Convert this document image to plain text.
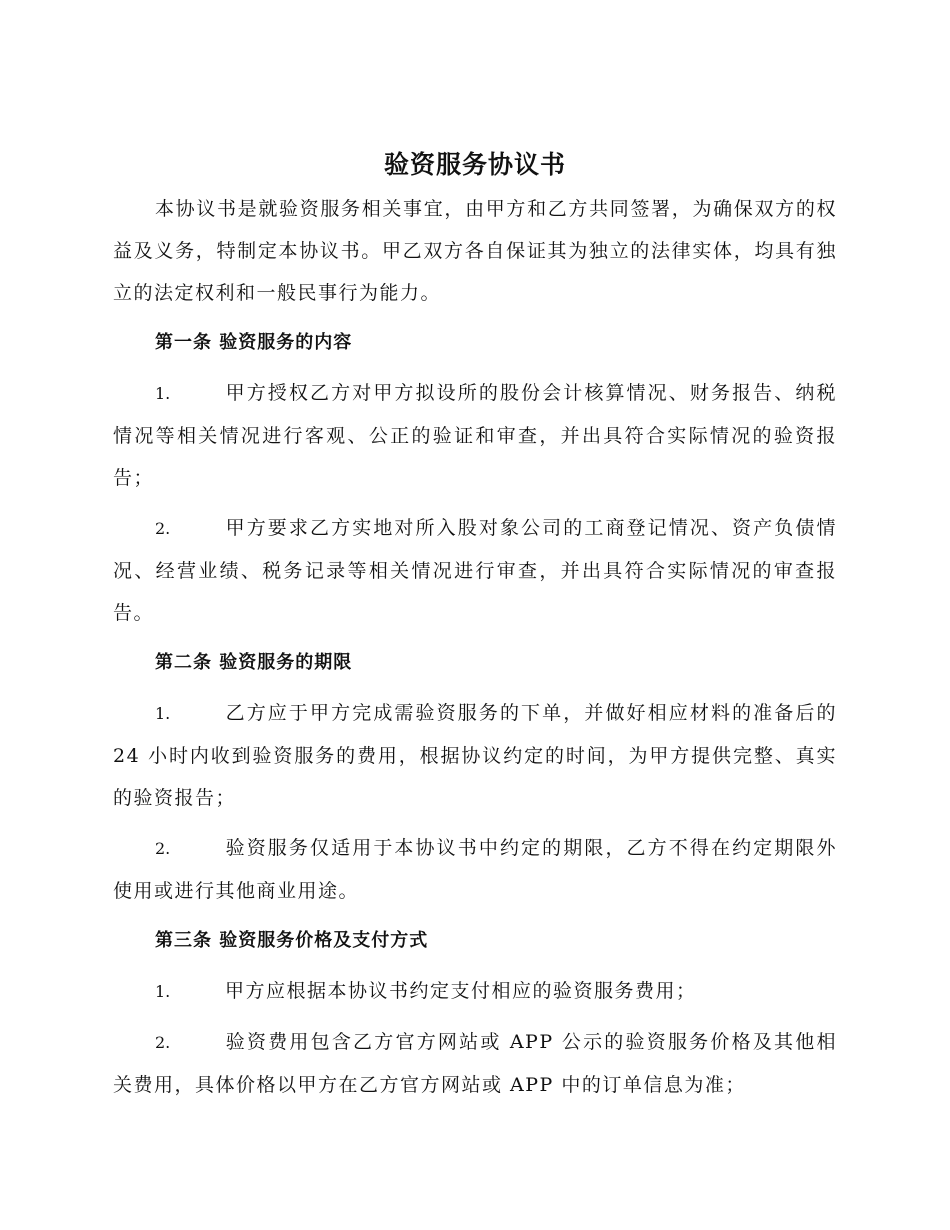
验资服务协议书

本协议书是就验资服务相关事宜，由甲方和乙方共同签署，为确保双方的权益及义务，特制定本协议书。甲乙双方各自保证其为独立的法律实体，均具有独立的法定权利和一般民事行为能力。

第一条 验资服务的内容

1.	甲方授权乙方对甲方拟设所的股份会计核算情况、财务报告、纳税情况等相关情况进行客观、公正的验证和审查，并出具符合实际情况的验资报告；

2.	甲方要求乙方实地对所入股对象公司的工商登记情况、资产负债情况、经营业绩、税务记录等相关情况进行审查，并出具符合实际情况的审查报告。

第二条 验资服务的期限

1.	乙方应于甲方完成需验资服务的下单，并做好相应材料的准备后的 24 小时内收到验资服务的费用，根据协议约定的时间，为甲方提供完整、真实的验资报告；

2.	验资服务仅适用于本协议书中约定的期限，乙方不得在约定期限外使用或进行其他商业用途。

第三条 验资服务价格及支付方式

1.	甲方应根据本协议书约定支付相应的验资服务费用；

2.	验资费用包含乙方官方网站或 APP 公示的验资服务价格及其他相关费用，具体价格以甲方在乙方官方网站或 APP 中的订单信息为准；
